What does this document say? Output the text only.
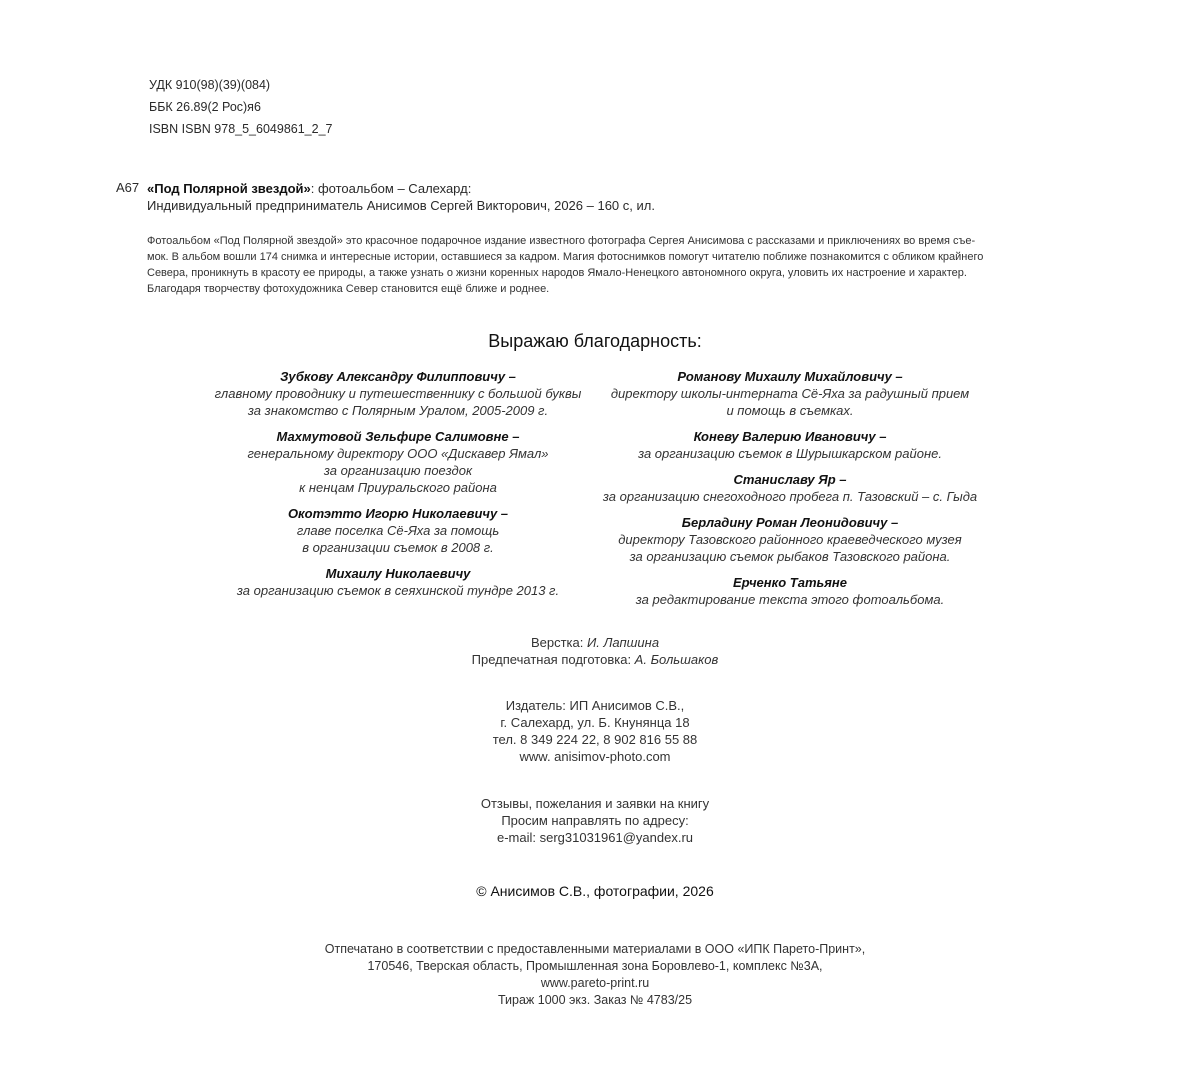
УДК 910(98)(39)(084)
ББК 26.89(2 Рос)я6
ISBN ISBN 978_5_6049861_2_7
А67 «Под Полярной звездой»: фотоальбом – Салехард:
Индивидуальный предприниматель Анисимов Сергей Викторович, 2026 – 160 с, ил.
Фотоальбом «Под Полярной звездой» это красочное подарочное издание известного фотографа Сергея Анисимова с рассказами и приключениях во время съе-
мок. В альбом вошли 174 снимка и интересные истории, оставшиеся за кадром. Магия фотоснимков помогут читателю поближе познакомится с обликом крайнего
Севера, проникнуть в красоту ее природы, а также узнать о жизни коренных народов Ямало-Ненецкого автономного округа, уловить их настроение и характер.
Благодаря творчеству фотохудожника Север становится ещё ближе и роднее.
Выражаю благодарность:
Зубкову Александру Филипповичу –
главному проводнику и путешественнику с большой буквы
за знакомство с Полярным Уралом, 2005-2009 г.
Махмутовой Зельфире Салимовне –
генеральному директору ООО «Дискавер Ямал»
за организацию поездок
к ненцам Приуральского района
Окотэтто Игорю Николаевичу –
главе поселка Сё-Яха за помощь
в организации съемок в 2008 г.
Михаилу Николаевичу
за организацию съемок в сеяхинской тундре 2013 г.
Романову Михаилу Михайловичу –
директору школы-интерната Сё-Яха за радушный прием
и помощь в съемках.
Коневу Валерию Ивановичу –
за организацию съемок в Шурышкарском районе.
Станиславу Яр –
за организацию снегоходного пробега п. Тазовский – с. Гыда
Берладину Роман Леонидовичу –
директору Тазовского районного краеведческого музея
за организацию съемок рыбаков Тазовского района.
Ерченко Татьяне
за редактирование текста этого фотоальбома.
Верстка: И. Лапшина
Предпечатная подготовка: А. Большаков
Издатель: ИП Анисимов С.В.,
г. Салехард, ул. Б. Кнунянца 18
тел. 8 349 224 22, 8 902 816 55 88
www. anisimov-photo.com
Отзывы, пожелания и заявки на книгу
Просим направлять по адресу:
e-mail: serg31031961@yandex.ru
© Анисимов С.В., фотографии, 2026
Отпечатано в соответствии с предоставленными материалами в ООО «ИПК Парето-Принт»,
170546, Тверская область, Промышленная зона Боровлево-1, комплекс №3А,
www.pareto-print.ru
Тираж 1000 экз. Заказ № 4783/25
